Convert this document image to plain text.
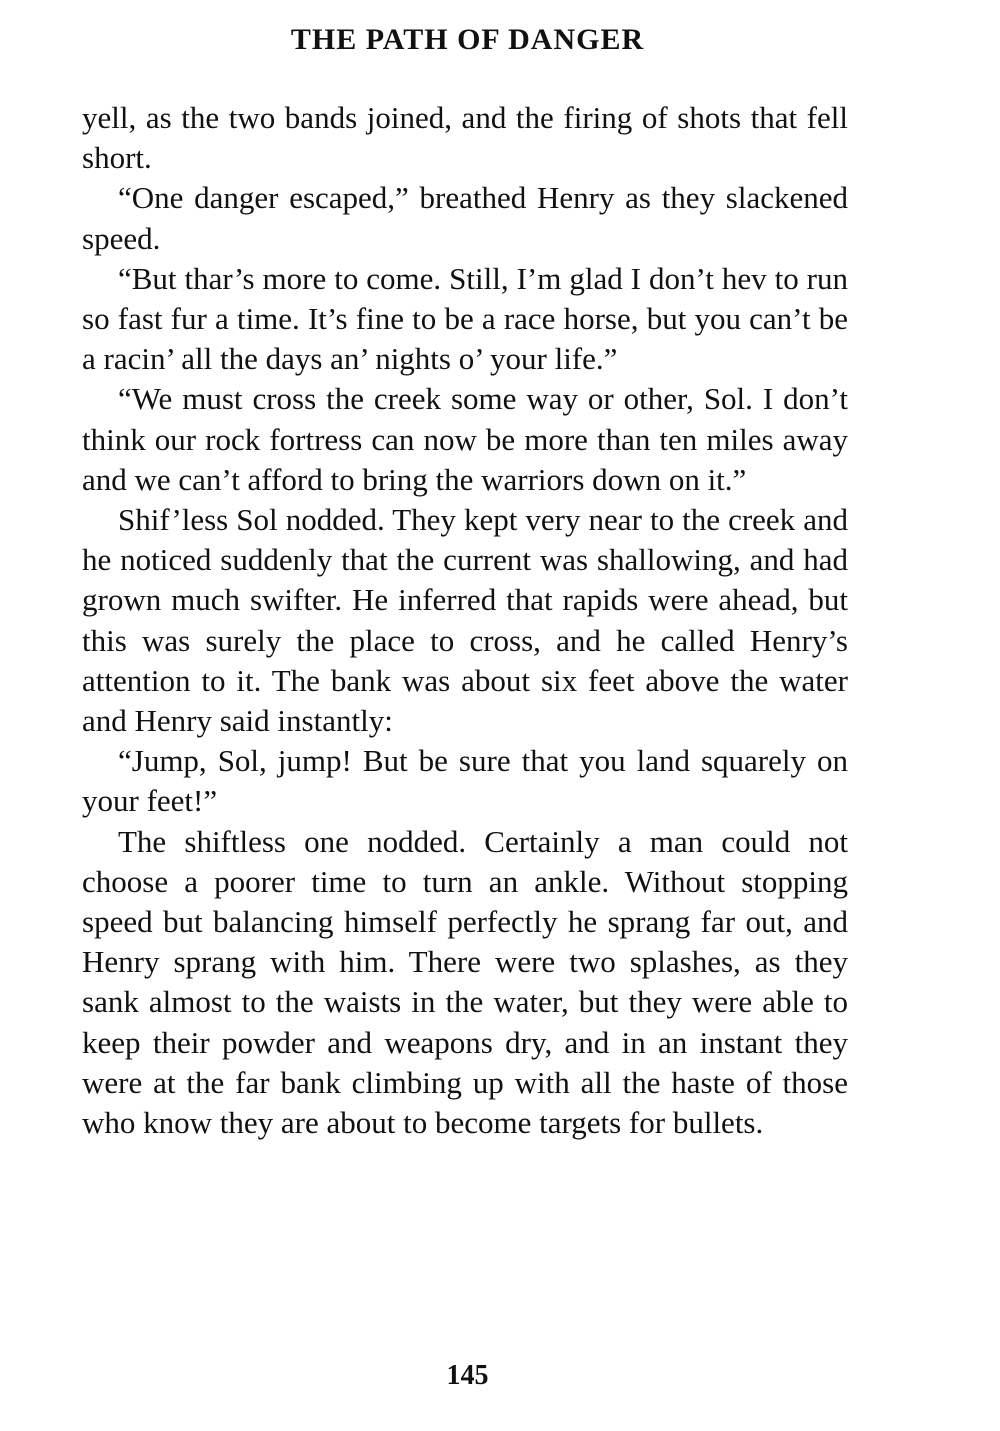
THE PATH OF DANGER

yell, as the two bands joined, and the firing of shots that fell short.

“One danger escaped,” breathed Henry as they slackened speed.

“But thar’s more to come. Still, I’m glad I don’t hev to run so fast fur a time. It’s fine to be a race horse, but you can’t be a racin’ all the days an’ nights o’ your life.”

“We must cross the creek some way or other, Sol. I don’t think our rock fortress can now be more than ten miles away and we can’t afford to bring the warriors down on it.”

Shif’less Sol nodded. They kept very near to the creek and he noticed suddenly that the current was shallowing, and had grown much swifter. He inferred that rapids were ahead, but this was surely the place to cross, and he called Henry’s attention to it. The bank was about six feet above the water and Henry said instantly:

“Jump, Sol, jump! But be sure that you land squarely on your feet!”

The shiftless one nodded. Certainly a man could not choose a poorer time to turn an ankle. Without stopping speed but balancing himself perfectly he sprang far out, and Henry sprang with him. There were two splashes, as they sank almost to the waists in the water, but they were able to keep their powder and weapons dry, and in an instant they were at the far bank climbing up with all the haste of those who know they are about to become targets for bullets.

145
